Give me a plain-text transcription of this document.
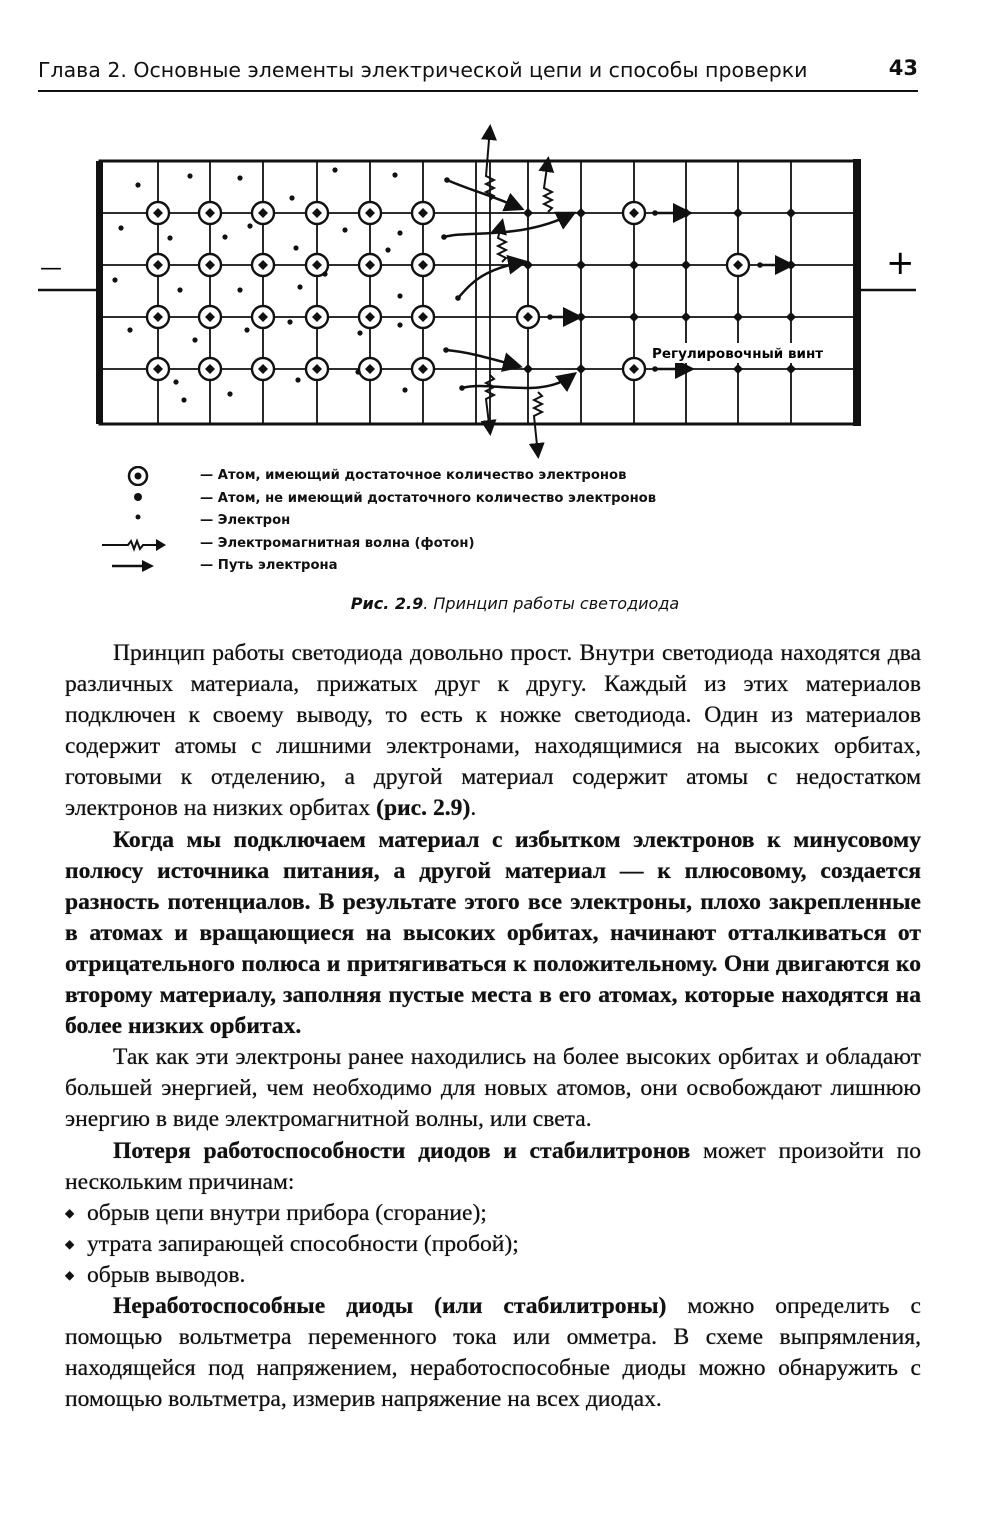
Глава 2. Основные элементы электрической цепи и способы проверки	43
—	+
Регулировочный винт
— Атом, имеющий достаточное количество электронов
— Атом, не имеющий достаточного количество электронов
— Электрон
— Электромагнитная волна (фотон)
— Путь электрона
Рис. 2.9. Принцип работы светодиода

Принцип работы светодиода довольно прост. Внутри светодиода находятся два различных материала, прижатых друг к другу. Каждый из этих материалов подключен к своему выводу, то есть к ножке светодиода. Один из материалов содержит атомы с лишними электронами, находящимися на высоких орбитах, готовыми к отделению, а другой материал содержит атомы с недостатком электронов на низких орбитах (рис. 2.9).

Когда мы подключаем материал с избытком электронов к минусовому полюсу источника питания, а другой материал — к плюсовому, создается разность потенциалов. В результате этого все электроны, плохо закрепленные в атомах и вращающиеся на высоких орбитах, начинают отталкиваться от отрицательного полюса и притягиваться к положительному. Они двигаются ко второму материалу, заполняя пустые места в его атомах, которые находятся на более низких орбитах.

Так как эти электроны ранее находились на более высоких орбитах и обладают большей энергией, чем необходимо для новых атомов, они освобождают лишнюю энергию в виде электромагнитной волны, или света.

Потеря работоспособности диодов и стабилитронов может произойти по нескольким причинам:

◆ обрыв цепи внутри прибора (сгорание);
◆ утрата запирающей способности (пробой);
◆ обрыв выводов.

Неработоспособные диоды (или стабилитроны) можно определить с помощью вольтметра переменного тока или омметра. В схеме выпрямления, находящейся под напряжением, неработоспособные диоды можно обнаружить с помощью вольтметра, измерив напряжение на всех диодах.
